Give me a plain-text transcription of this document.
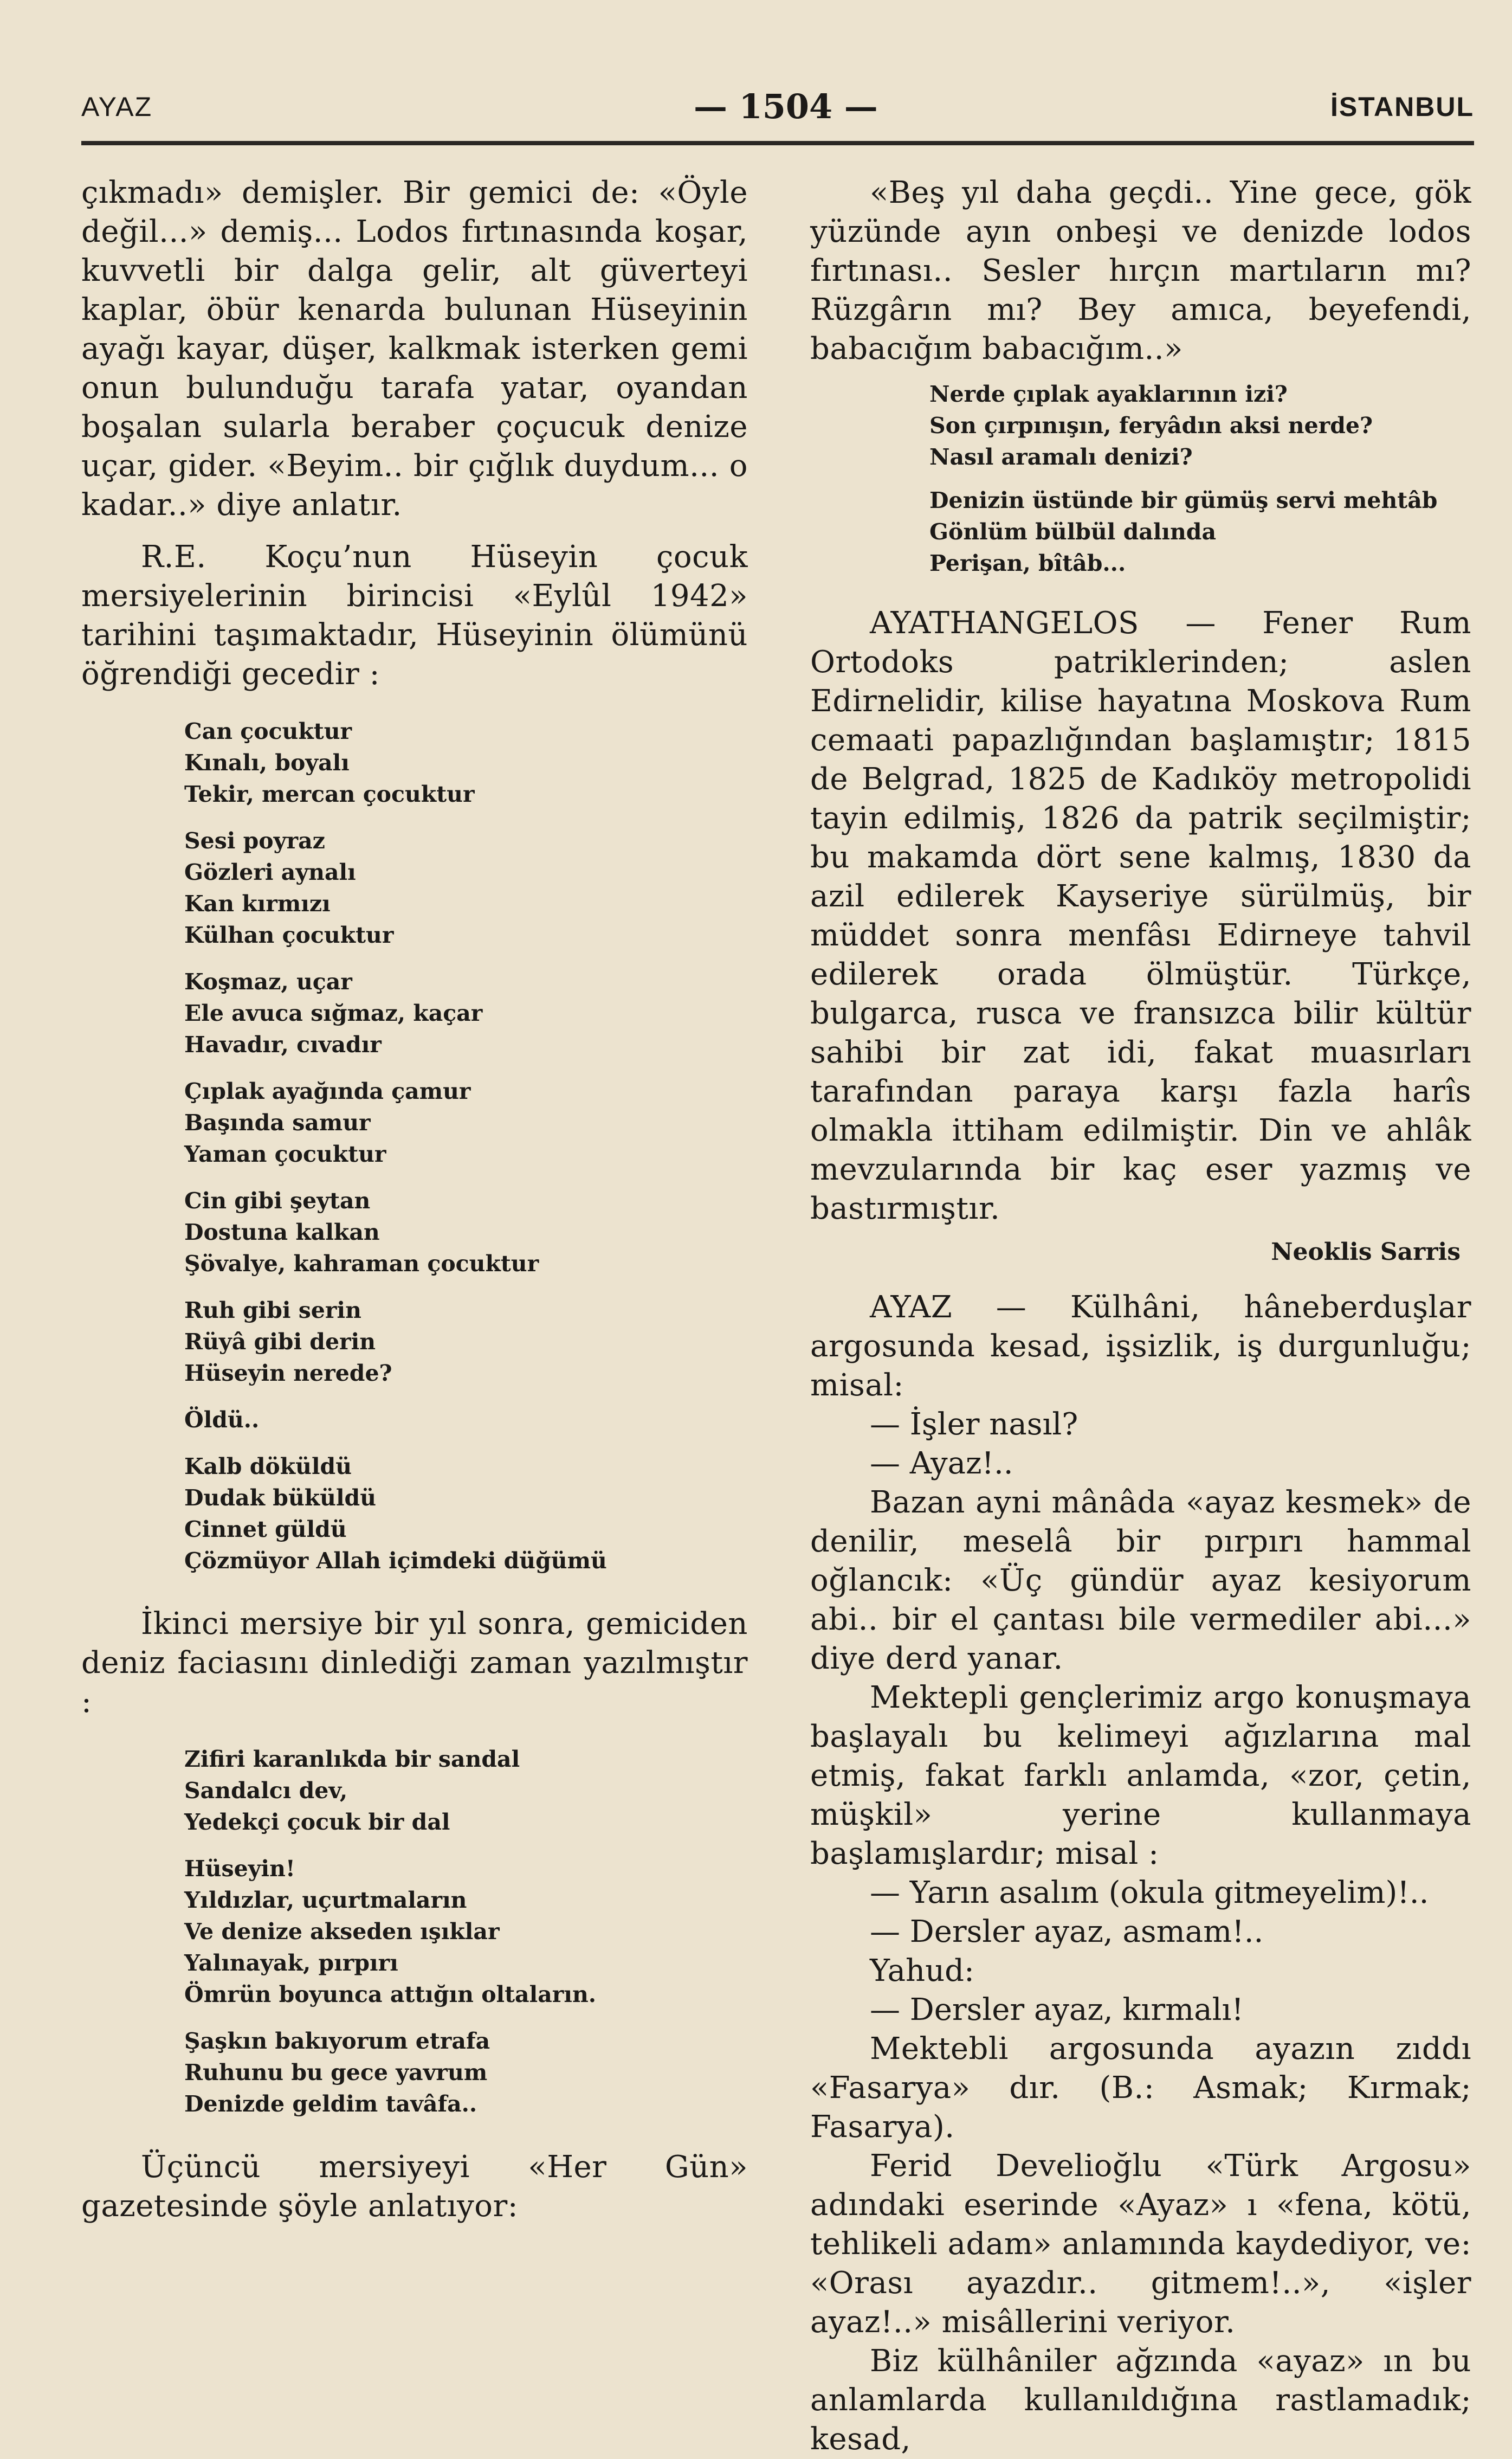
AYAZ	— 1504 —	İSTANBUL

çıkmadı» demişler. Bir gemici de: «Öyle değil...» demiş... Lodos fırtınasında koşar, kuvvetli bir dalga gelir, alt güverteyi kaplar, öbür kenarda bulunan Hüseyinin ayağı kayar, düşer, kalkmak isterken gemi onun bulunduğu tarafa yatar, oyandan boşalan sularla beraber çoçucuk denize uçar, gider. «Beyim.. bir çığlık duydum... o kadar..» diye anlatır.

R.E. Koçu’nun Hüseyin çocuk mersiyelerinin birincisi «Eylûl 1942» tarihini taşımaktadır, Hüseyinin ölümünü öğrendiği gecedir :

Can çocuktur
Kınalı, boyalı
Tekir, mercan çocuktur
Sesi poyraz
Gözleri aynalı
Kan kırmızı
Külhan çocuktur
Koşmaz, uçar
Ele avuca sığmaz, kaçar
Havadır, cıvadır
Çıplak ayağında çamur
Başında samur
Yaman çocuktur
Cin gibi şeytan
Dostuna kalkan
Şövalye, kahraman çocuktur
Ruh gibi serin
Rüyâ gibi derin
Hüseyin nerede?
Öldü..
Kalb döküldü
Dudak büküldü
Cinnet güldü
Çözmüyor Allah içimdeki düğümü

İkinci mersiye bir yıl sonra, gemiciden deniz faciasını dinlediği zaman yazılmıştır :

Zifiri karanlıkda bir sandal
Sandalcı dev,
Yedekçi çocuk bir dal
Hüseyin!
Yıldızlar, uçurtmaların
Ve denize akseden ışıklar
Yalınayak, pırpırı
Ömrün boyunca attığın oltaların.
Şaşkın bakıyorum etrafa
Ruhunu bu gece yavrum
Denizde geldim tavâfa..

Üçüncü mersiyeyi «Her Gün» gazetesinde şöyle anlatıyor:

«Beş yıl daha geçdi.. Yine gece, gök yüzünde ayın onbeşi ve denizde lodos fırtınası.. Sesler hırçın martıların mı? Rüzgârın mı? Bey amıca, beyefendi, babacığım babacığım..»

Nerde çıplak ayaklarının izi?
Son çırpınışın, feryâdın aksi nerde?
Nasıl aramalı denizi?
Denizin üstünde bir gümüş servi mehtâb
Gönlüm bülbül dalında
Perişan, bîtâb...

AYATHANGELOS — Fener Rum Ortodoks patriklerinden; aslen Edirnelidir, kilise hayatına Moskova Rum cemaati papazlığından başlamıştır; 1815 de Belgrad, 1825 de Kadıköy metropolidi tayin edilmiş, 1826 da patrik seçilmiştir; bu makamda dört sene kalmış, 1830 da azil edilerek Kayseriye sürülmüş, bir müddet sonra menfâsı Edirneye tahvil edilerek orada ölmüştür. Türkçe, bulgarca, rusca ve fransızca bilir kültür sahibi bir zat idi, fakat muasırları tarafından paraya karşı fazla harîs olmakla ittiham edilmiştir. Din ve ahlâk mevzularında bir kaç eser yazmış ve bastırmıştır.

Neoklis Sarris

AYAZ — Külhâni, hâneberduşlar argosunda kesad, işsizlik, iş durgunluğu; misal:

— İşler nasıl?
— Ayaz!..

Bazan ayni mânâda «ayaz kesmek» de denilir, meselâ bir pırpırı hammal oğlancık: «Üç gündür ayaz kesiyorum abi.. bir el çantası bile vermediler abi...» diye derd yanar.

Mektepli gençlerimiz argo konuşmaya başlayalı bu kelimeyi ağızlarına mal etmiş, fakat farklı anlamda, «zor, çetin, müşkil» yerine kullanmaya başlamışlardır; misal :

— Yarın asalım (okula gitmeyelim)!..
— Dersler ayaz, asmam!..
Yahud:
— Dersler ayaz, kırmalı!

Mektebli argosunda ayazın zıddı «Fasarya» dır. (B.: Asmak; Kırmak; Fasarya).

Ferid Develioğlu «Türk Argosu» adındaki eserinde «Ayaz» ı «fena, kötü, tehlikeli adam» anlamında kaydediyor, ve: «Orası ayazdır.. gitmem!..», «işler ayaz!..» misâllerini veriyor.

Biz külhâniler ağzında «ayaz» ın bu anlamlarda kullanıldığına rastlamadık; kesad,
